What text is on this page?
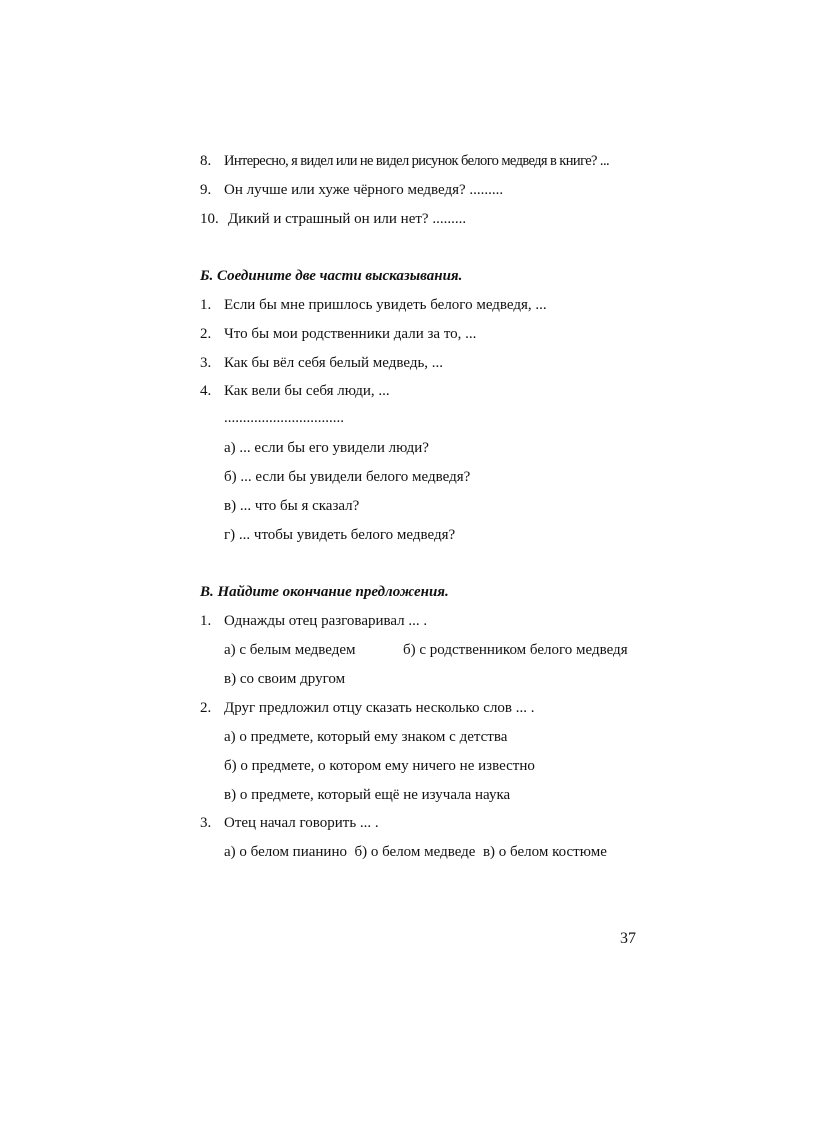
8. Интересно, я видел или не видел рисунок белого медведя в книге? ...
9. Он лучше или хуже чёрного медведя? .........
10. Дикий и страшный он или нет? .........
Б. Соедините две части высказывания.
1. Если бы мне пришлось увидеть белого медведя, ...
2. Что бы мои родственники дали за то, ...
3. Как бы вёл себя белый медведь, ...
4. Как вели бы себя люди, ...
................................
а) ... если бы его увидели люди?
б) ... если бы увидели белого медведя?
в) ... что бы я сказал?
г) ... чтобы увидеть белого медведя?
В. Найдите окончание предложения.
1. Однажды отец разговаривал ... .
а) с белым медведем	б) с родственником белого медведя
в) со своим другом
2. Друг предложил отцу сказать несколько слов ... .
а) о предмете, который ему знаком с детства
б) о предмете, о котором ему ничего не известно
в) о предмете, который ещё не изучала наука
3. Отец начал говорить ... .
а) о белом пианино  б) о белом медведе  в) о белом костюме
37
